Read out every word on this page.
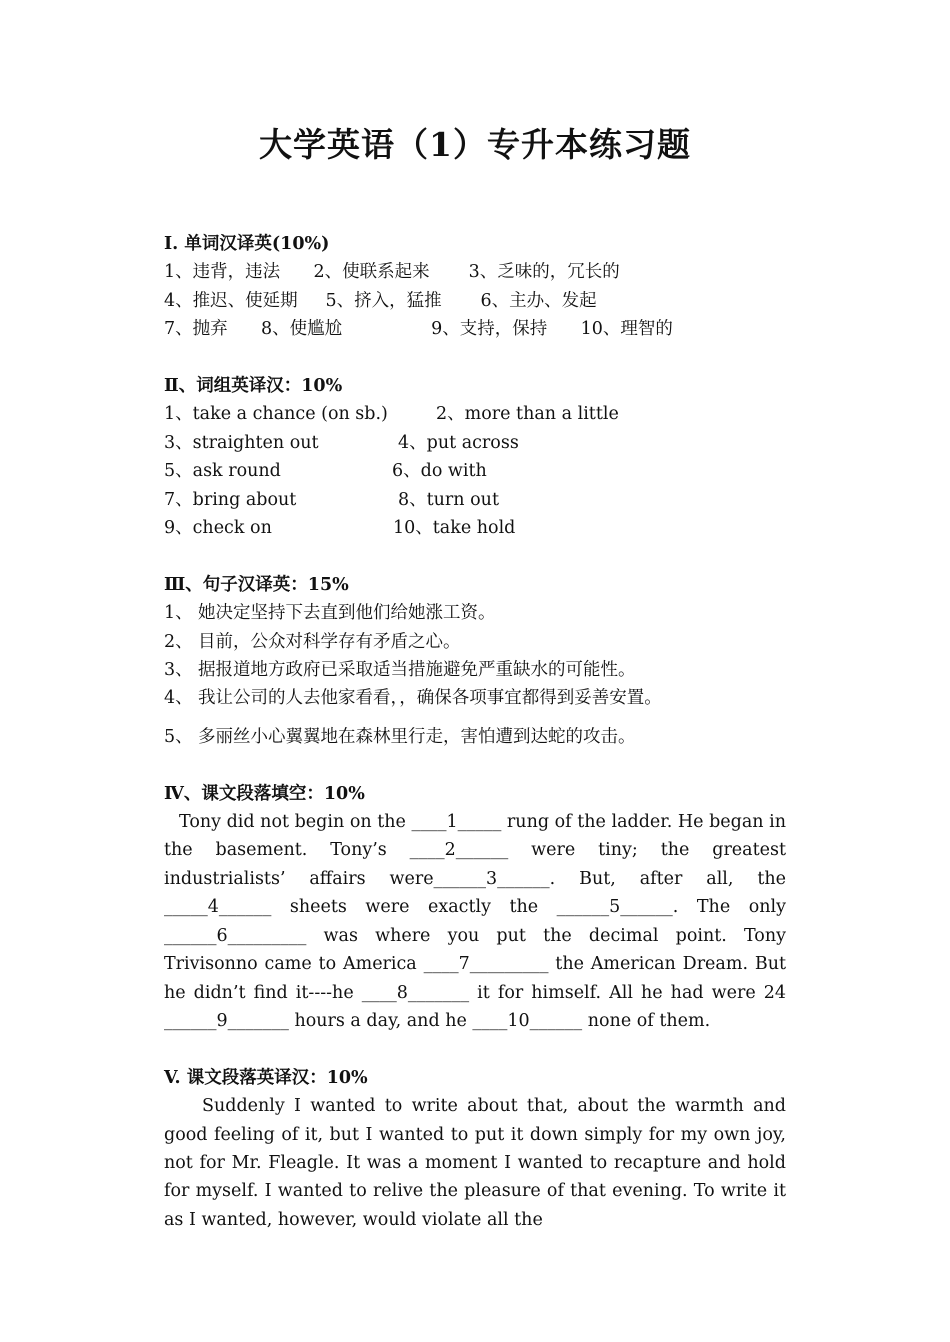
大学英语（1）专升本练习题
Ⅰ. 单词汉译英(10%)
1、违背，违法      2、使联系起来       3、乏味的，冗长的
4、推迟、使延期     5、挤入，猛推       6、主办、发起
7、抛弃      8、使尴尬                9、支持，保持      10、理智的
Ⅱ、词组英译汉：10%
1、take a chance (on sb.)	2、more than a little
3、straighten out	4、put across
5、ask round	6、do with
7、bring about	8、turn out
9、check on	10、take hold
Ⅲ、句子汉译英：15%
1、 她决定坚持下去直到他们给她涨工资。
2、 目前，公众对科学存有矛盾之心。
3、 据报道地方政府已采取适当措施避免严重缺水的可能性。
4、 我让公司的人去他家看看，，确保各项事宜都得到妥善安置。
5、 多丽丝小心翼翼地在森林里行走，害怕遭到达蛇的攻击。
Ⅳ、课文段落填空：10%
Tony did not begin on the ____1_____ rung of the ladder. He began in the basement. Tony’s ____2______ were tiny; the greatest industrialists’ affairs were______3______. But, after all, the _____4______ sheets were exactly the ______5______. The only ______6_________ was where you put the decimal point. Tony Trivisonno came to America ____7_________ the American Dream. But he didn’t find it----he ____8_______ it for himself. All he had were 24 ______9_______ hours a day, and he ____10______ none of them.
V. 课文段落英译汉：10%
Suddenly I wanted to write about that, about the warmth and good feeling of it, but I wanted to put it down simply for my own joy, not for Mr. Fleagle. It was a moment I wanted to recapture and hold for myself. I wanted to relive the pleasure of that evening. To write it as I wanted, however, would violate all the
